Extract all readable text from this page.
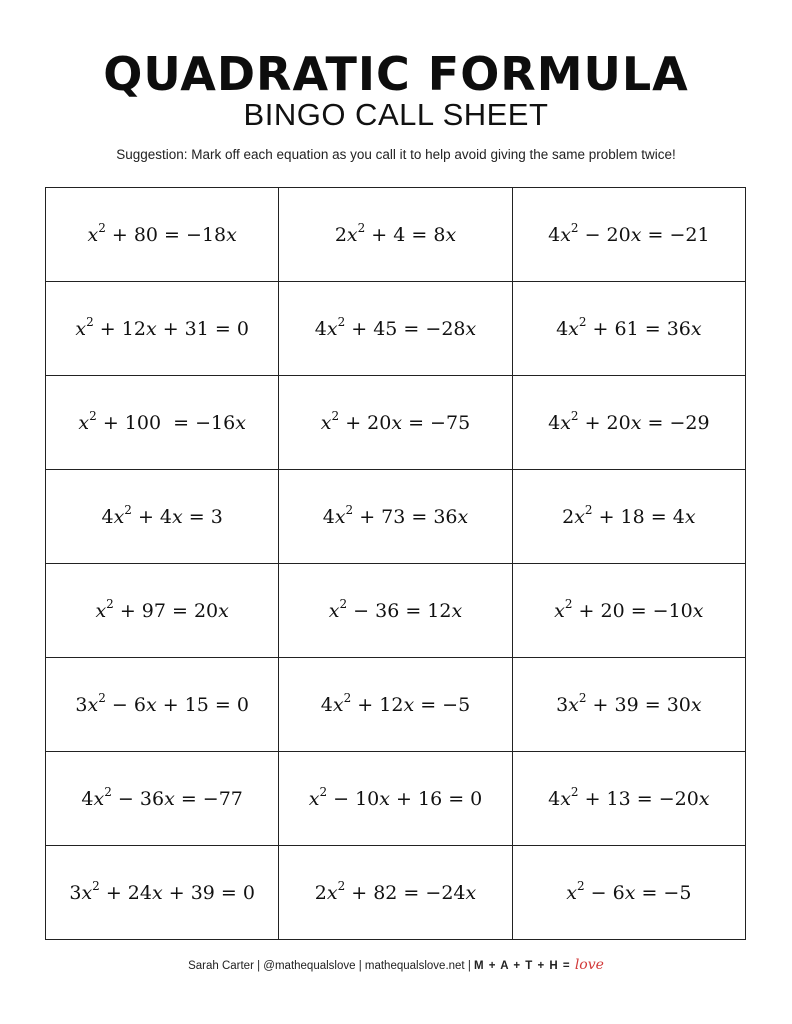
QUADRATIC FORMULA
BINGO CALL SHEET
Suggestion: Mark off each equation as you call it to help avoid giving the same problem twice!
$x^2 + 80 = -18x$	$2x^2 + 4 = 8x$	$4x^2 - 20x = -21$
$x^2 + 12x + 31 = 0$	$4x^2 + 45 = -28x$	$4x^2 + 61 = 36x$
$x^2 + 100 = -16x$	$x^2 + 20x = -75$	$4x^2 + 20x = -29$
$4x^2 + 4x = 3$	$4x^2 + 73 = 36x$	$2x^2 + 18 = 4x$
$x^2 + 97 = 20x$	$x^2 - 36 = 12x$	$x^2 + 20 = -10x$
$3x^2 - 6x + 15 = 0$	$4x^2 + 12x = -5$	$3x^2 + 39 = 30x$
$4x^2 - 36x = -77$	$x^2 - 10x + 16 = 0$	$4x^2 + 13 = -20x$
$3x^2 + 24x + 39 = 0$	$2x^2 + 82 = -24x$	$x^2 - 6x = -5$
Sarah Carter | @mathequalslove | mathequalslove.net | M + A + T + H = love
